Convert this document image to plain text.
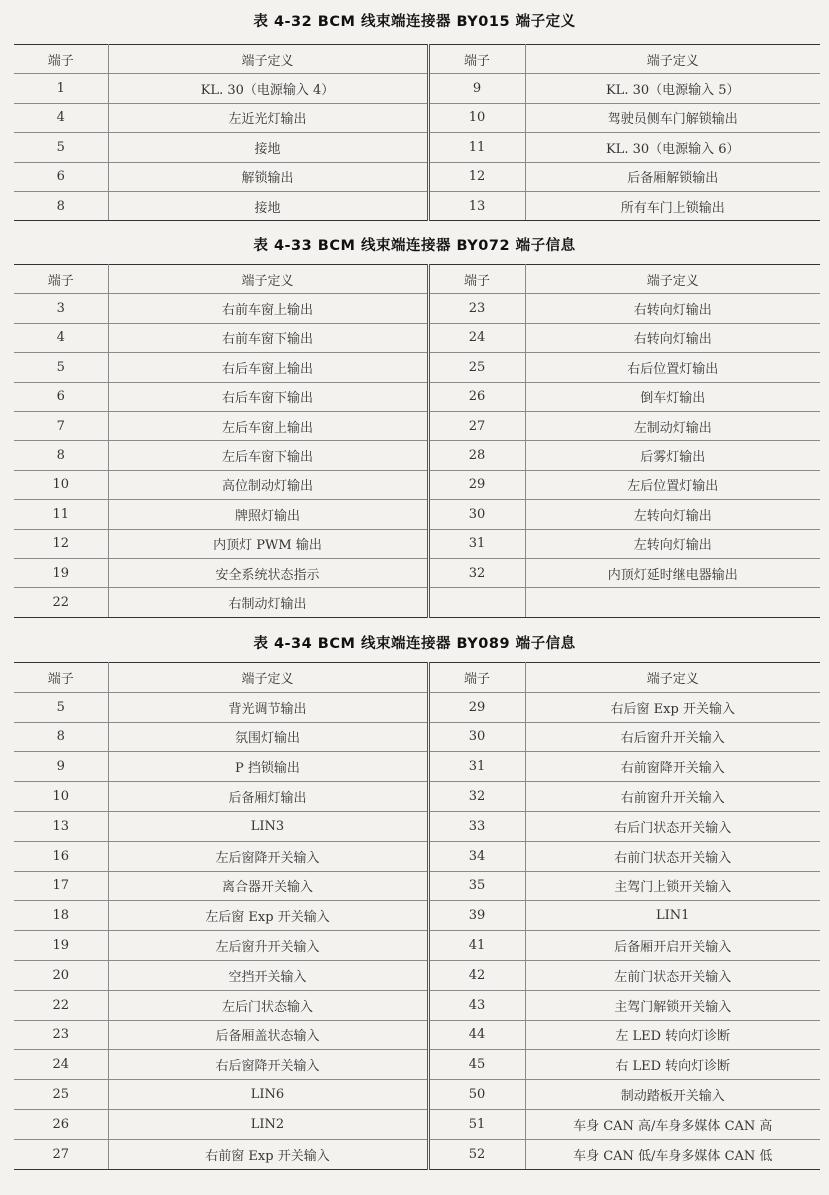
表 4-32 BCM 线束端连接器 BY015 端子定义
端子	端子定义	端子	端子定义
1	KL. 30（电源输入 4）	9	KL. 30（电源输入 5）
4	左近光灯输出	10	驾驶员侧车门解锁输出
5	接地	11	KL. 30（电源输入 6）
6	解锁输出	12	后备厢解锁输出
8	接地	13	所有车门上锁输出
表 4-33 BCM 线束端连接器 BY072 端子信息
端子	端子定义	端子	端子定义
3	右前车窗上输出	23	右转向灯输出
4	右前车窗下输出	24	右转向灯输出
5	右后车窗上输出	25	右后位置灯输出
6	右后车窗下输出	26	倒车灯输出
7	左后车窗上输出	27	左制动灯输出
8	左后车窗下输出	28	后雾灯输出
10	高位制动灯输出	29	左后位置灯输出
11	牌照灯输出	30	左转向灯输出
12	内顶灯 PWM 输出	31	左转向灯输出
19	安全系统状态指示	32	内顶灯延时继电器输出
22	右制动灯输出		
表 4-34 BCM 线束端连接器 BY089 端子信息
端子	端子定义	端子	端子定义
5	背光调节输出	29	右后窗 Exp 开关输入
8	氛围灯输出	30	右后窗升开关输入
9	P 挡锁输出	31	右前窗降开关输入
10	后备厢灯输出	32	右前窗升开关输入
13	LIN3	33	右后门状态开关输入
16	左后窗降开关输入	34	右前门状态开关输入
17	离合器开关输入	35	主驾门上锁开关输入
18	左后窗 Exp 开关输入	39	LIN1
19	左后窗升开关输入	41	后备厢开启开关输入
20	空挡开关输入	42	左前门状态开关输入
22	左后门状态输入	43	主驾门解锁开关输入
23	后备厢盖状态输入	44	左 LED 转向灯诊断
24	右后窗降开关输入	45	右 LED 转向灯诊断
25	LIN6	50	制动踏板开关输入
26	LIN2	51	车身 CAN 高/车身多媒体 CAN 高
27	右前窗 Exp 开关输入	52	车身 CAN 低/车身多媒体 CAN 低
